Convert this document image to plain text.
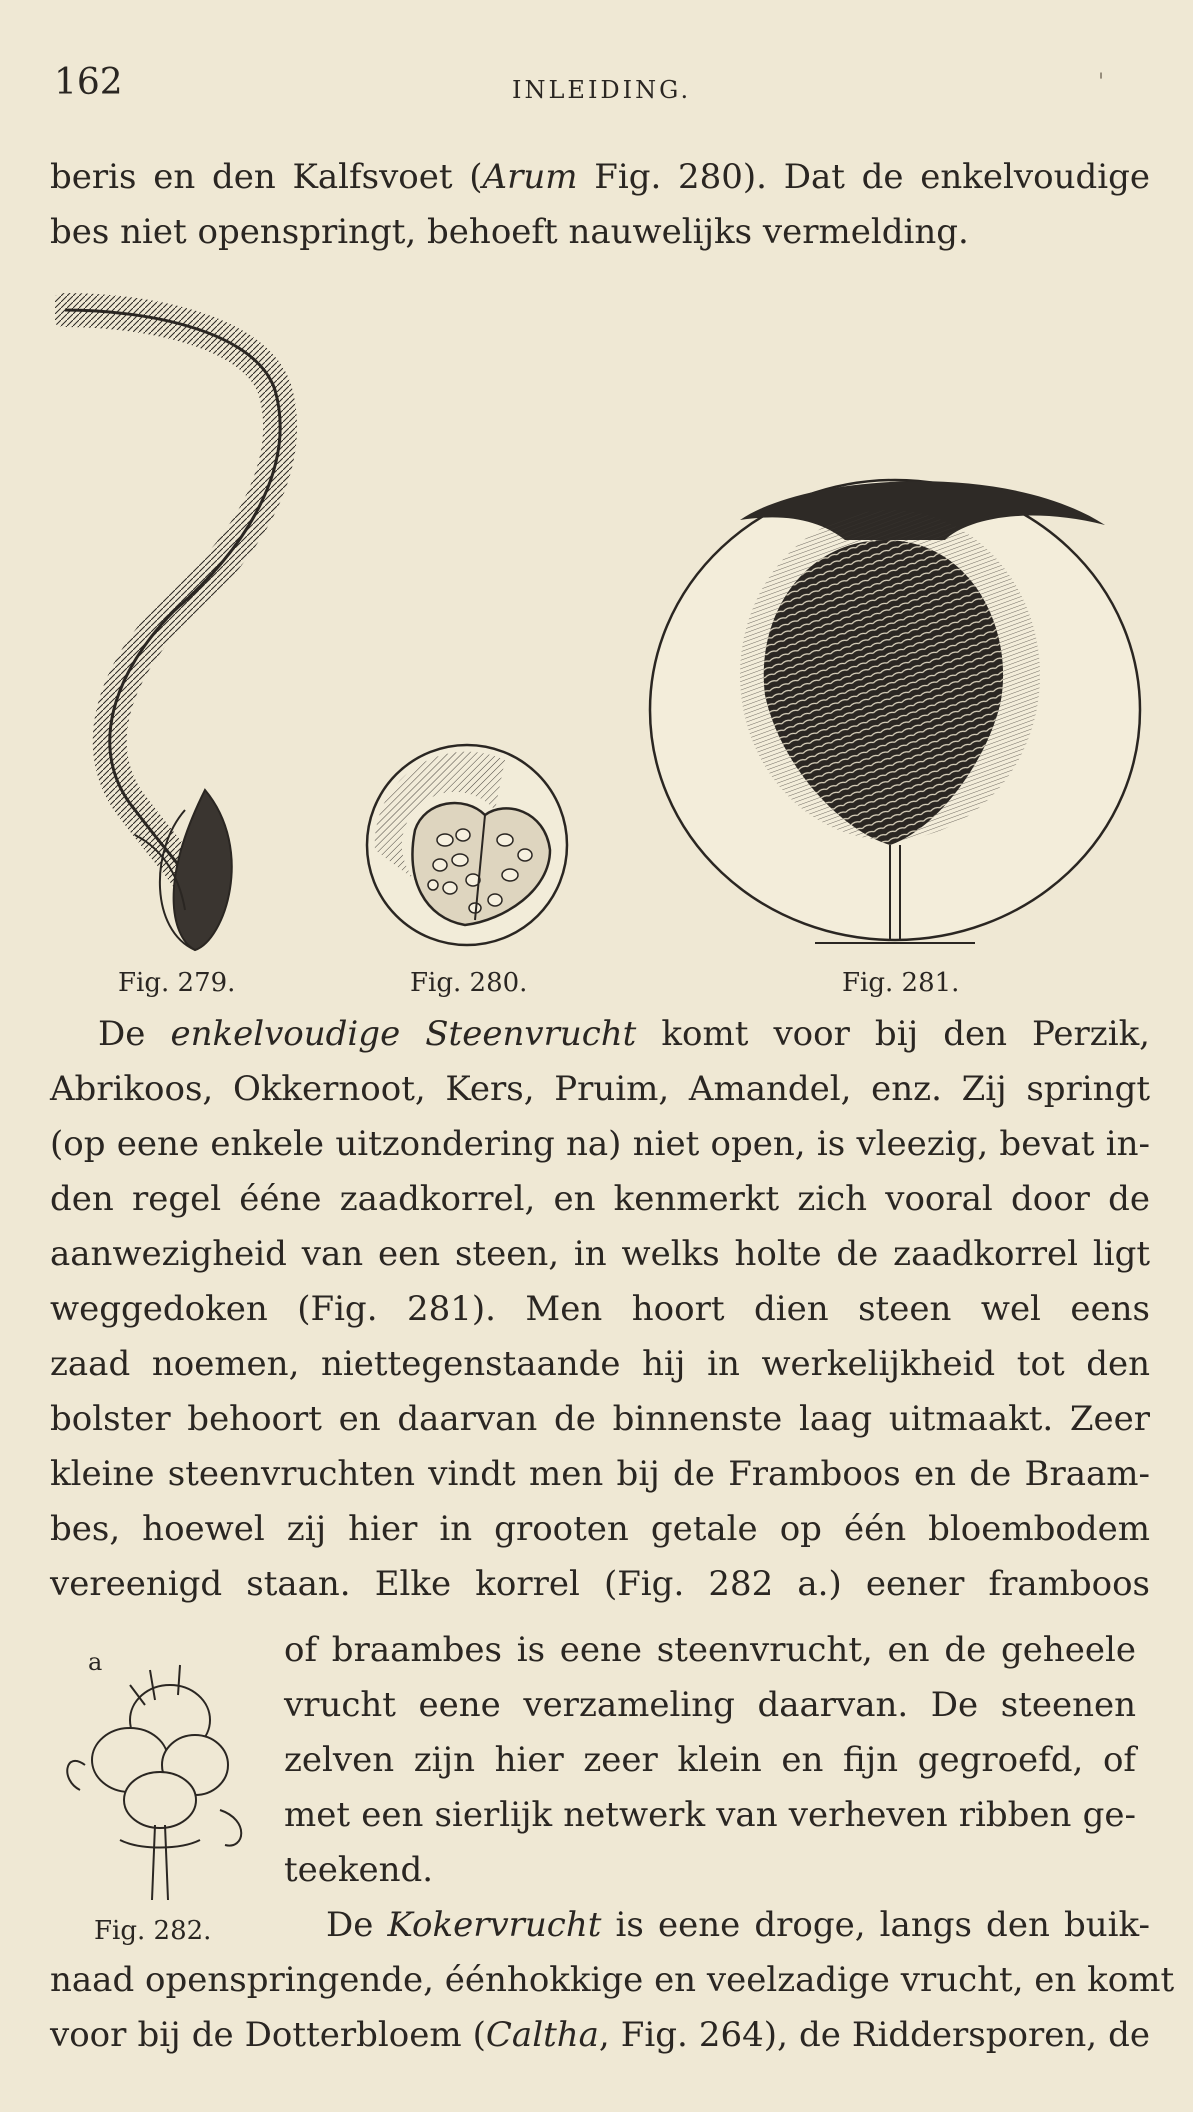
162	INLEIDING.	'
beris en den Kalfsvoet (Arum Fig. 280). Dat de enkelvoudige
bes niet openspringt, behoeft nauwelijks vermelding.
Fig. 279.	Fig. 280.	Fig. 281.
De enkelvoudige Steenvrucht komt voor bij den Perzik,
Abrikoos, Okkernoot, Kers, Pruim, Amandel, enz. Zij springt
(op eene enkele uitzondering na) niet open, is vleezig, bevat in-
den regel ééne zaadkorrel, en kenmerkt zich vooral door de
aanwezigheid van een steen, in welks holte de zaadkorrel ligt
weggedoken (Fig. 281). Men hoort dien steen wel eens
zaad noemen, niettegenstaande hij in werkelijkheid tot den
bolster behoort en daarvan de binnenste laag uitmaakt. Zeer
kleine steenvruchten vindt men bij de Framboos en de Braam-
bes, hoewel zij hier in grooten getale op één bloembodem
vereenigd staan. Elke korrel (Fig. 282 a.) eener framboos
a
Fig. 282.
of braambes is eene steenvrucht, en de geheele
vrucht eene verzameling daarvan. De steenen
zelven zijn hier zeer klein en fijn gegroefd, of
met een sierlijk netwerk van verheven ribben ge-
teekend.
De Kokervrucht is eene droge, langs den buik-
naad openspringende, éénhokkige en veelzadige vrucht, en komt
voor bij de Dotterbloem (Caltha, Fig. 264), de Riddersporen, de
